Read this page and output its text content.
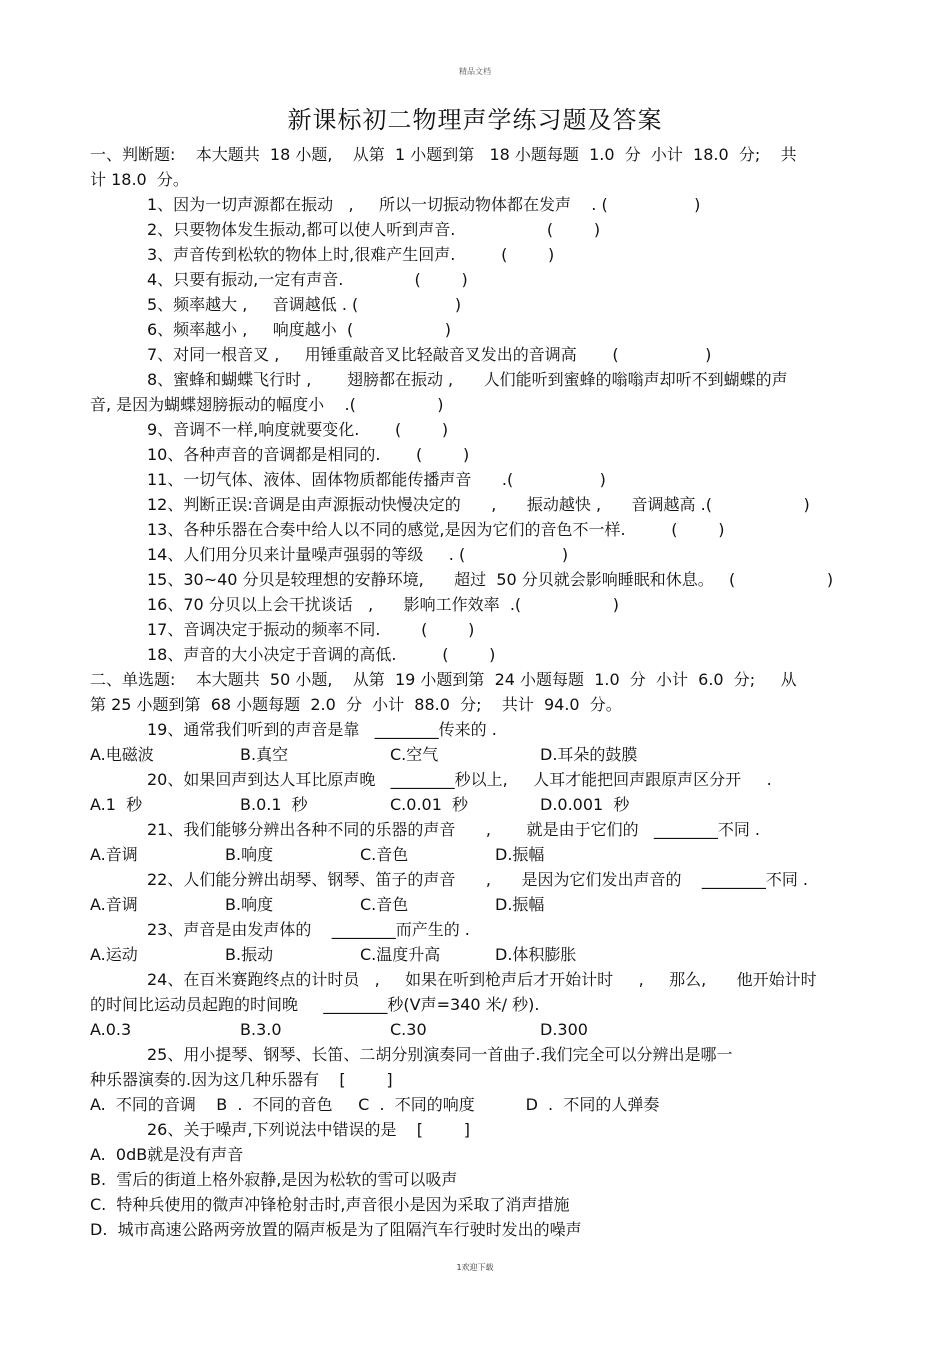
精品文档
新课标初二物理声学练习题及答案
一、判断题:    本大题共  18 小题,    从第  1 小题到第   18 小题每题  1.0  分  小计  18.0  分;    共
计 18.0  分。
1、因为一切声源都在振动   ,     所以一切振动物体都在发声    . (                 )
2、只要物体发生振动,都可以使人听到声音.                  (        )
3、声音传到松软的物体上时,很难产生回声.         (        )
4、只要有振动,一定有声音.              (        )
5、频率越大 ,     音调越低 . (                   )
6、频率越小 ,     响度越小  (                  )
7、对同一根音叉 ,     用锤重敲音叉比轻敲音叉发出的音调高       (                 )
8、蜜蜂和蝴蝶飞行时 ,       翅膀都在振动 ,      人们能听到蜜蜂的嗡嗡声却听不到蝴蝶的声
音, 是因为蝴蝶翅膀振动的幅度小    .(                )
9、音调不一样,响度就要变化.       (        )
10、各种声音的音调都是相同的.       (        )
11、一切气体、液体、固体物质都能传播声音      .(                 )
12、判断正误:音调是由声源振动快慢决定的      ,      振动越快 ,      音调越高 .(                  )
13、各种乐器在合奏中给人以不同的感觉,是因为它们的音色不一样.         (        )
14、人们用分贝来计量噪声强弱的等级     . (                   )
15、30~40 分贝是较理想的安静环境,      超过  50 分贝就会影响睡眠和休息。   (                  )
16、70 分贝以上会干扰谈话   ,      影响工作效率  .(                  )
17、音调决定于振动的频率不同.        (        )
18、声音的大小决定于音调的高低.         (        )
二、单选题:    本大题共  50 小题,    从第  19 小题到第  24 小题每题  1.0  分  小计  6.0  分;     从
第 25 小题到第  68 小题每题  2.0  分  小计  88.0  分;    共计  94.0  分。
19、通常我们听到的声音是靠   ________传来的 .
A.电磁波	B.真空	C.空气	D.耳朵的鼓膜
20、如果回声到达人耳比原声晚   ________秒以上,     人耳才能把回声跟原声区分开     .
A.1  秒	B.0.1  秒	C.0.01  秒	D.0.001  秒
21、我们能够分辨出各种不同的乐器的声音      ,       就是由于它们的   ________不同 .
A.音调	B.响度	C.音色	D.振幅
22、人们能分辨出胡琴、钢琴、笛子的声音      ,      是因为它们发出声音的    ________不同 .
A.音调	B.响度	C.音色	D.振幅
23、声音是由发声体的    ________而产生的 .
A.运动	B.振动	C.温度升高	D.体积膨胀
24、在百米赛跑终点的计时员   ,     如果在听到枪声后才开始计时     ,     那么,      他开始计时
的时间比运动员起跑的时间晚     ________秒(V声=340 米/ 秒).
A.0.3	B.3.0	C.30	D.300
25、用小提琴、钢琴、长笛、二胡分别演奏同一首曲子.我们完全可以分辨出是哪一
种乐器演奏的.因为这几种乐器有    [        ]
A.  不同的音调    B  .  不同的音色     C  .  不同的响度          D  .  不同的人弹奏
26、关于噪声,下列说法中错误的是    [        ]
A.  0dB就是没有声音
B.  雪后的街道上格外寂静,是因为松软的雪可以吸声
C.  特种兵使用的微声冲锋枪射击时,声音很小是因为采取了消声措施
D.  城市高速公路两旁放置的隔声板是为了阻隔汽车行驶时发出的噪声
1欢迎下载
